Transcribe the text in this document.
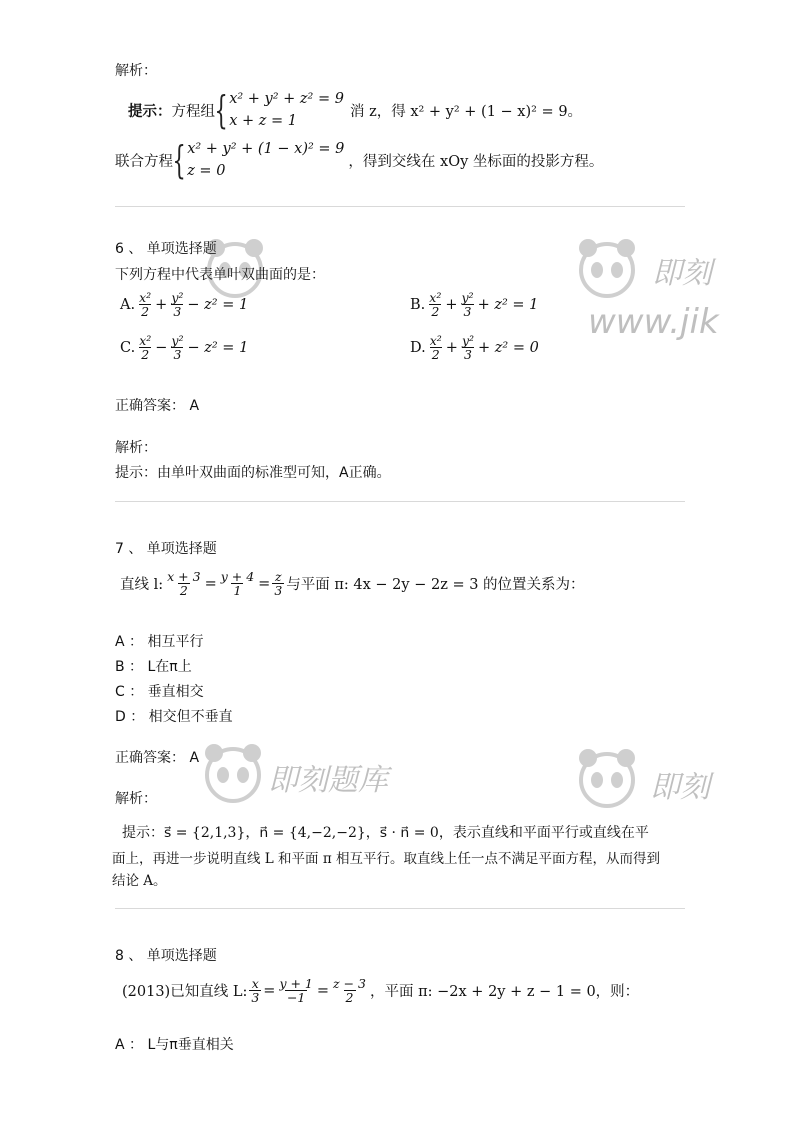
解析：
提示： 方程组 { x² + y² + z² = 9
x + z = 1
消 z，得 x² + y² + (1 − x)² = 9。
联合方程 { x² + y² + (1 − x)² = 9
z = 0
，得到交线在 xOy 坐标面的投影方程。
6 、 单项选择题
下列方程中代表单叶双曲面的是：
A. $\frac{\text{x²}}{2} + \frac{\text{y²}}{3} - z^2 = 1$	B. $\frac{\text{x²}}{2} + \frac{\text{y²}}{3} + z^2 = 1$
C. $\frac{\text{x²}}{2} - \frac{\text{y²}}{3} - z^2 = 1$	D. $\frac{\text{x²}}{2} + \frac{\text{y²}}{3} + z^2 = 0$
正确答案： A
解析：
提示：由单叶双曲面的标准型可知，A正确。
7 、 单项选择题
直线 l: $\frac{x + 3}{2} = \frac{y + 4}{1} = \frac{z}{3}$ 与平面 π: 4x − 2y − 2z = 3 的位置关系为：
A ： 相互平行
B ： L在π上
C ： 垂直相交
D ： 相交但不垂直
正确答案： A
解析：
提示：s⃗ = {2,1,3}，n⃗ = {4,−2,−2}，s⃗ · n⃗ = 0，表示直线和平面平行或直线在平
面上，再进一步说明直线 L 和平面 π 相互平行。取直线上任一点不满足平面方程，从而得到
结论 A。
8 、 单项选择题
(2013)已知直线 L: $\frac{x}{3} = \frac{y + 1}{-1} = \frac{z - 3}{2}$ ，平面 π: −2x + 2y + z − 1 = 0，则：
A ： L与π垂直相关
即刻
www.jik
即刻题库	即刻
